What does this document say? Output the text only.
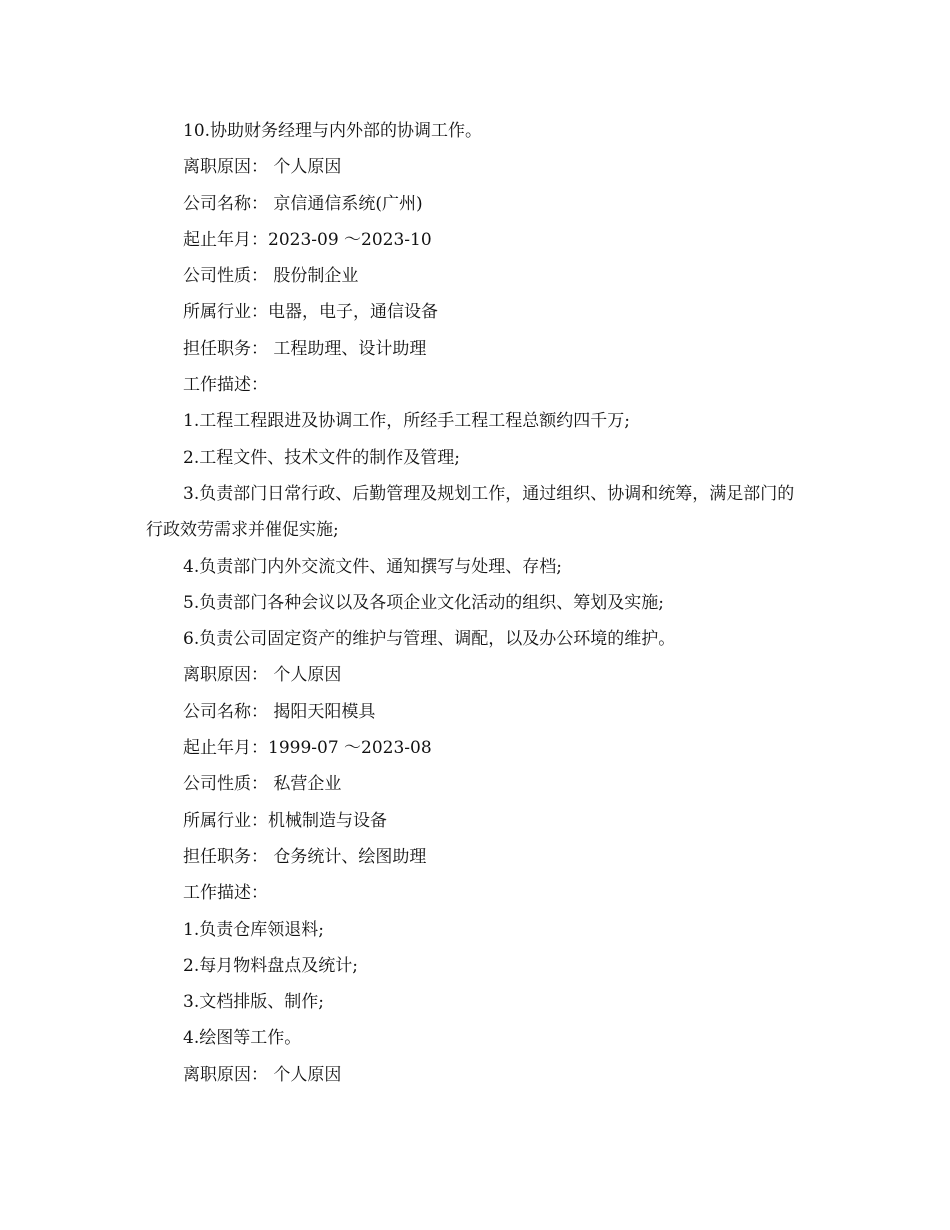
10.协助财务经理与内外部的协调工作。
离职原因： 个人原因
公司名称： 京信通信系统(广州)
起止年月：2023-09 ～2023-10
公司性质： 股份制企业
所属行业：电器，电子，通信设备
担任职务： 工程助理、设计助理
工作描述：
1.工程工程跟进及协调工作，所经手工程工程总额约四千万;
2.工程文件、技术文件的制作及管理;
3.负责部门日常行政、后勤管理及规划工作，通过组织、协调和统筹，满足部门的行政效劳需求并催促实施;
4.负责部门内外交流文件、通知撰写与处理、存档;
5.负责部门各种会议以及各项企业文化活动的组织、筹划及实施;
6.负责公司固定资产的维护与管理、调配，以及办公环境的维护。
离职原因： 个人原因
公司名称： 揭阳天阳模具
起止年月：1999-07 ～2023-08
公司性质： 私营企业
所属行业：机械制造与设备
担任职务： 仓务统计、绘图助理
工作描述：
1.负责仓库领退料;
2.每月物料盘点及统计;
3.文档排版、制作;
4.绘图等工作。
离职原因： 个人原因
